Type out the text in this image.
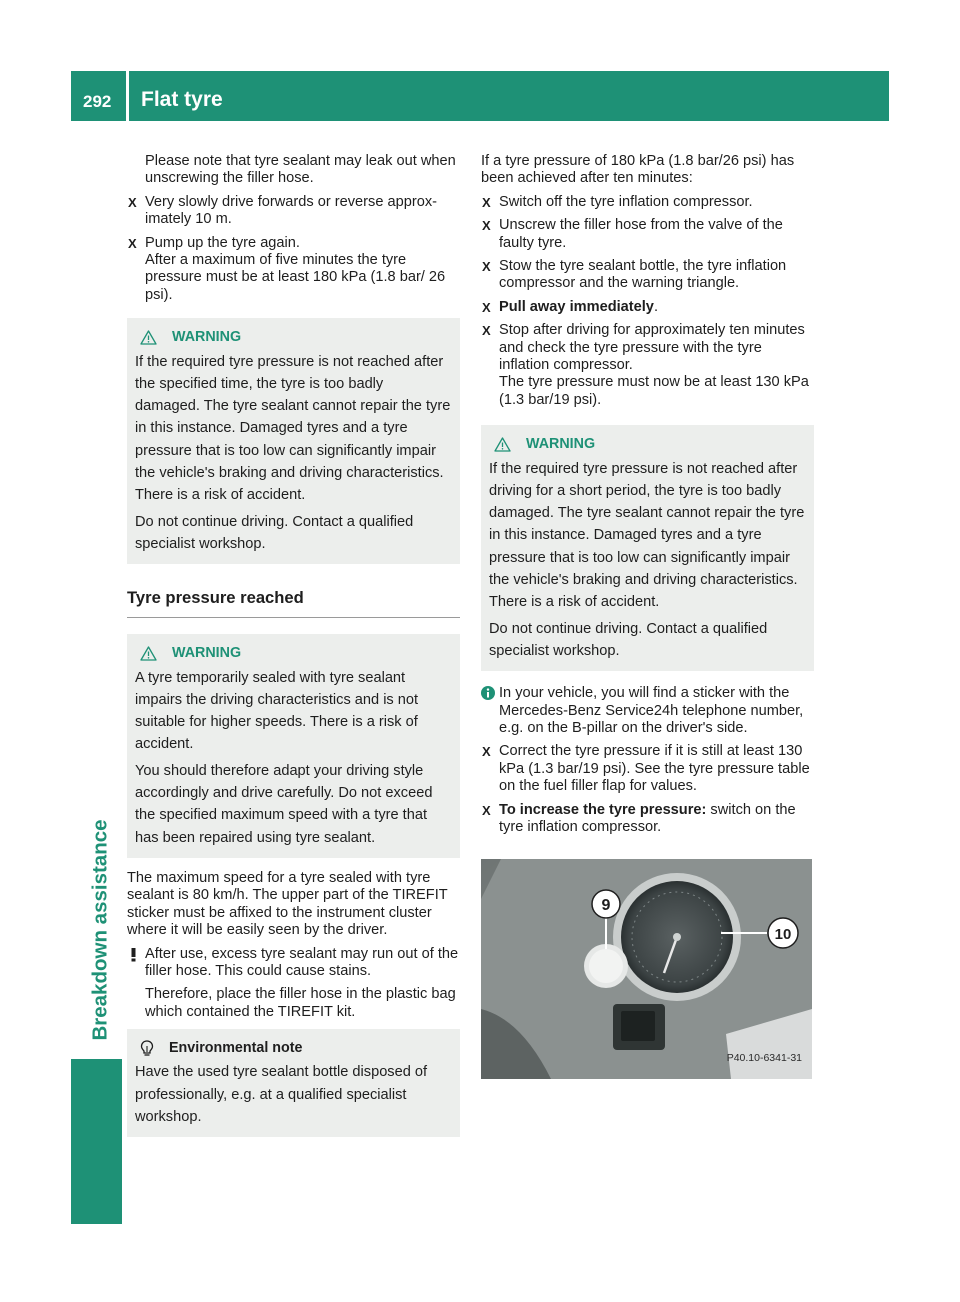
292 Flat tyre
Breakdown assistance

Please note that tyre sealant may leak out when unscrewing the filler hose.

X Very slowly drive forwards or reverse approximately 10 m.

X Pump up the tyre again.

After a maximum of five minutes the tyre pressure must be at least 180 kPa (1.8 bar/ 26 psi).

WARNING

If the required tyre pressure is not reached after the specified time, the tyre is too badly damaged. The tyre sealant cannot repair the tyre in this instance. Damaged tyres and a tyre pressure that is too low can significantly impair the vehicle's braking and driving characteristics. There is a risk of accident.

Do not continue driving. Contact a qualified specialist workshop.

Tyre pressure reached
WARNING

A tyre temporarily sealed with tyre sealant impairs the driving characteristics and is not suitable for higher speeds. There is a risk of accident.

You should therefore adapt your driving style accordingly and drive carefully. Do not exceed the specified maximum speed with a tyre that has been repaired using tyre sealant.

The maximum speed for a tyre sealed with tyre sealant is 80 km/h. The upper part of the TIREFIT sticker must be affixed to the instrument cluster where it will be easily seen by the driver.

After use, excess tyre sealant may run out of the filler hose. This could cause stains.

Therefore, place the filler hose in the plastic bag which contained the TIREFIT kit.

Environmental note

Have the used tyre sealant bottle disposed of professionally, e.g. at a qualified specialist workshop.

If a tyre pressure of 180 kPa (1.8 bar/26 psi) has been achieved after ten minutes:

X Switch off the tyre inflation compressor.

X Unscrew the filler hose from the valve of the faulty tyre.

X Stow the tyre sealant bottle, the tyre inflation compressor and the warning triangle.

X Pull away immediately.

X Stop after driving for approximately ten minutes and check the tyre pressure with the tyre inflation compressor.

The tyre pressure must now be at least 130 kPa (1.3 bar/19 psi).

WARNING

If the required tyre pressure is not reached after driving for a short period, the tyre is too badly damaged. The tyre sealant cannot repair the tyre in this instance. Damaged tyres and a tyre pressure that is too low can significantly impair the vehicle's braking and driving characteristics. There is a risk of accident.

Do not continue driving. Contact a qualified specialist workshop.

In your vehicle, you will find a sticker with the Mercedes-Benz Service24h telephone number, e.g. on the B-pillar on the driver's side.

X Correct the tyre pressure if it is still at least 130 kPa (1.3 bar/19 psi). See the tyre pressure table on the fuel filler flap for values.

X To increase the tyre pressure: switch on the tyre inflation compressor.

9
10
P40.10-6341-31
